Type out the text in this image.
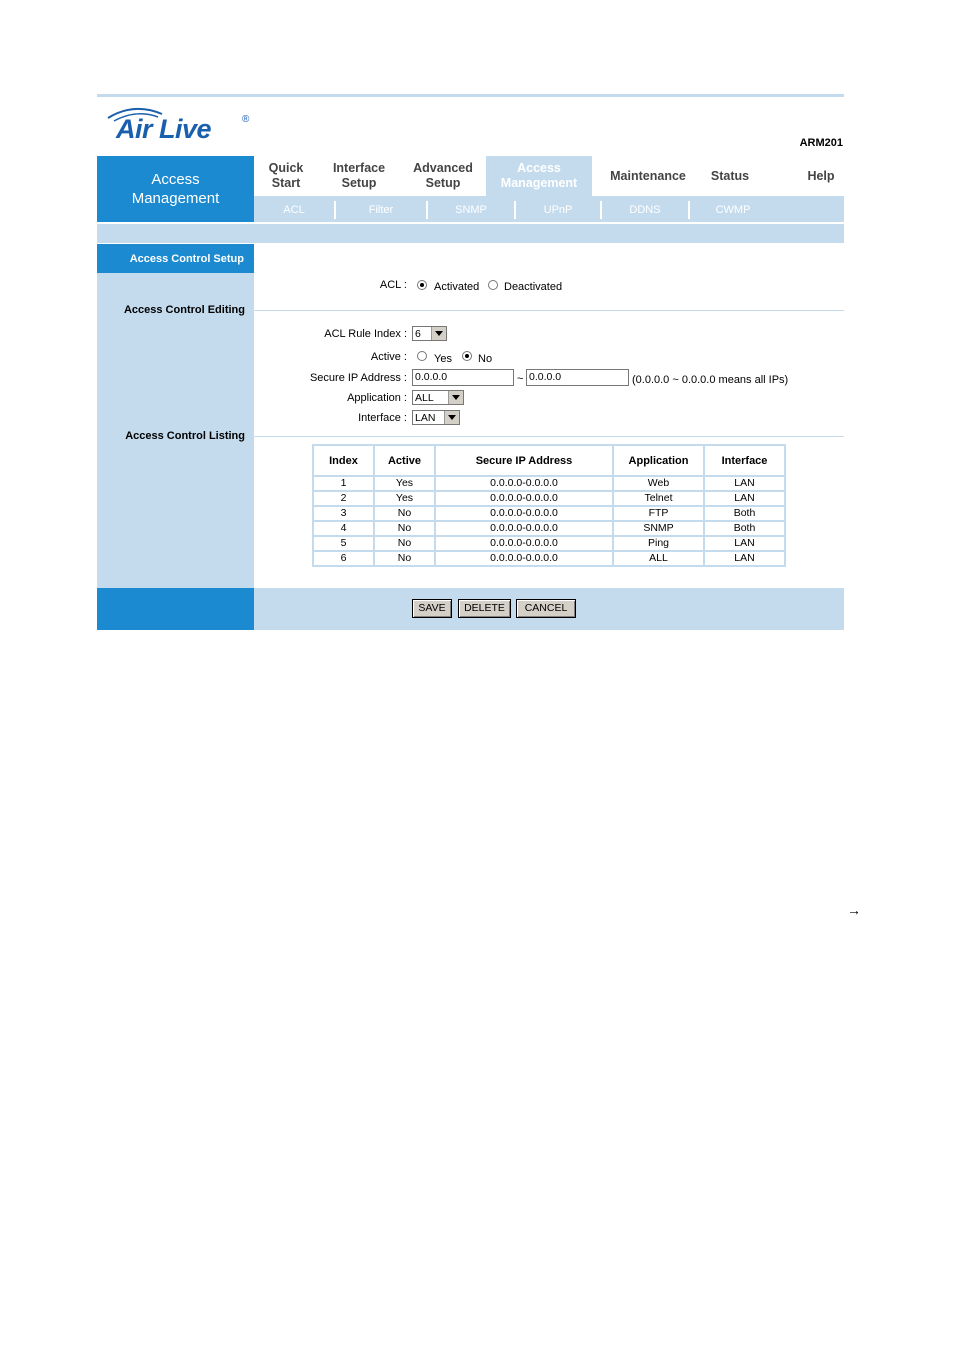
Air Live	®
ARM201
Access
Management
Quick
Start
Interface
Setup
Advanced
Setup
Access
Management
Maintenance Status	Help
ACL	Filter	SNMP	UPnP	DDNS	CWMP
Access Control Setup
Access Control Editing
Access Control Listing
ACL : Activated Deactivated
ACL Rule Index : 6
Active : Yes No
Secure IP Address : 0.0.0.0	~ 0.0.0.0	(0.0.0.0 ~ 0.0.0.0 means all IPs)
Application : ALL
Interface : LAN
Index	Active	Secure IP Address	Application	Interface
1	Yes	0.0.0.0-0.0.0.0	Web	LAN
2	Yes	0.0.0.0-0.0.0.0	Telnet	LAN
3	No	0.0.0.0-0.0.0.0	FTP	Both
4	No	0.0.0.0-0.0.0.0	SNMP	Both
5	No	0.0.0.0-0.0.0.0	Ping	LAN
6	No	0.0.0.0-0.0.0.0	ALL	LAN
SAVE	DELETE	CANCEL
→
